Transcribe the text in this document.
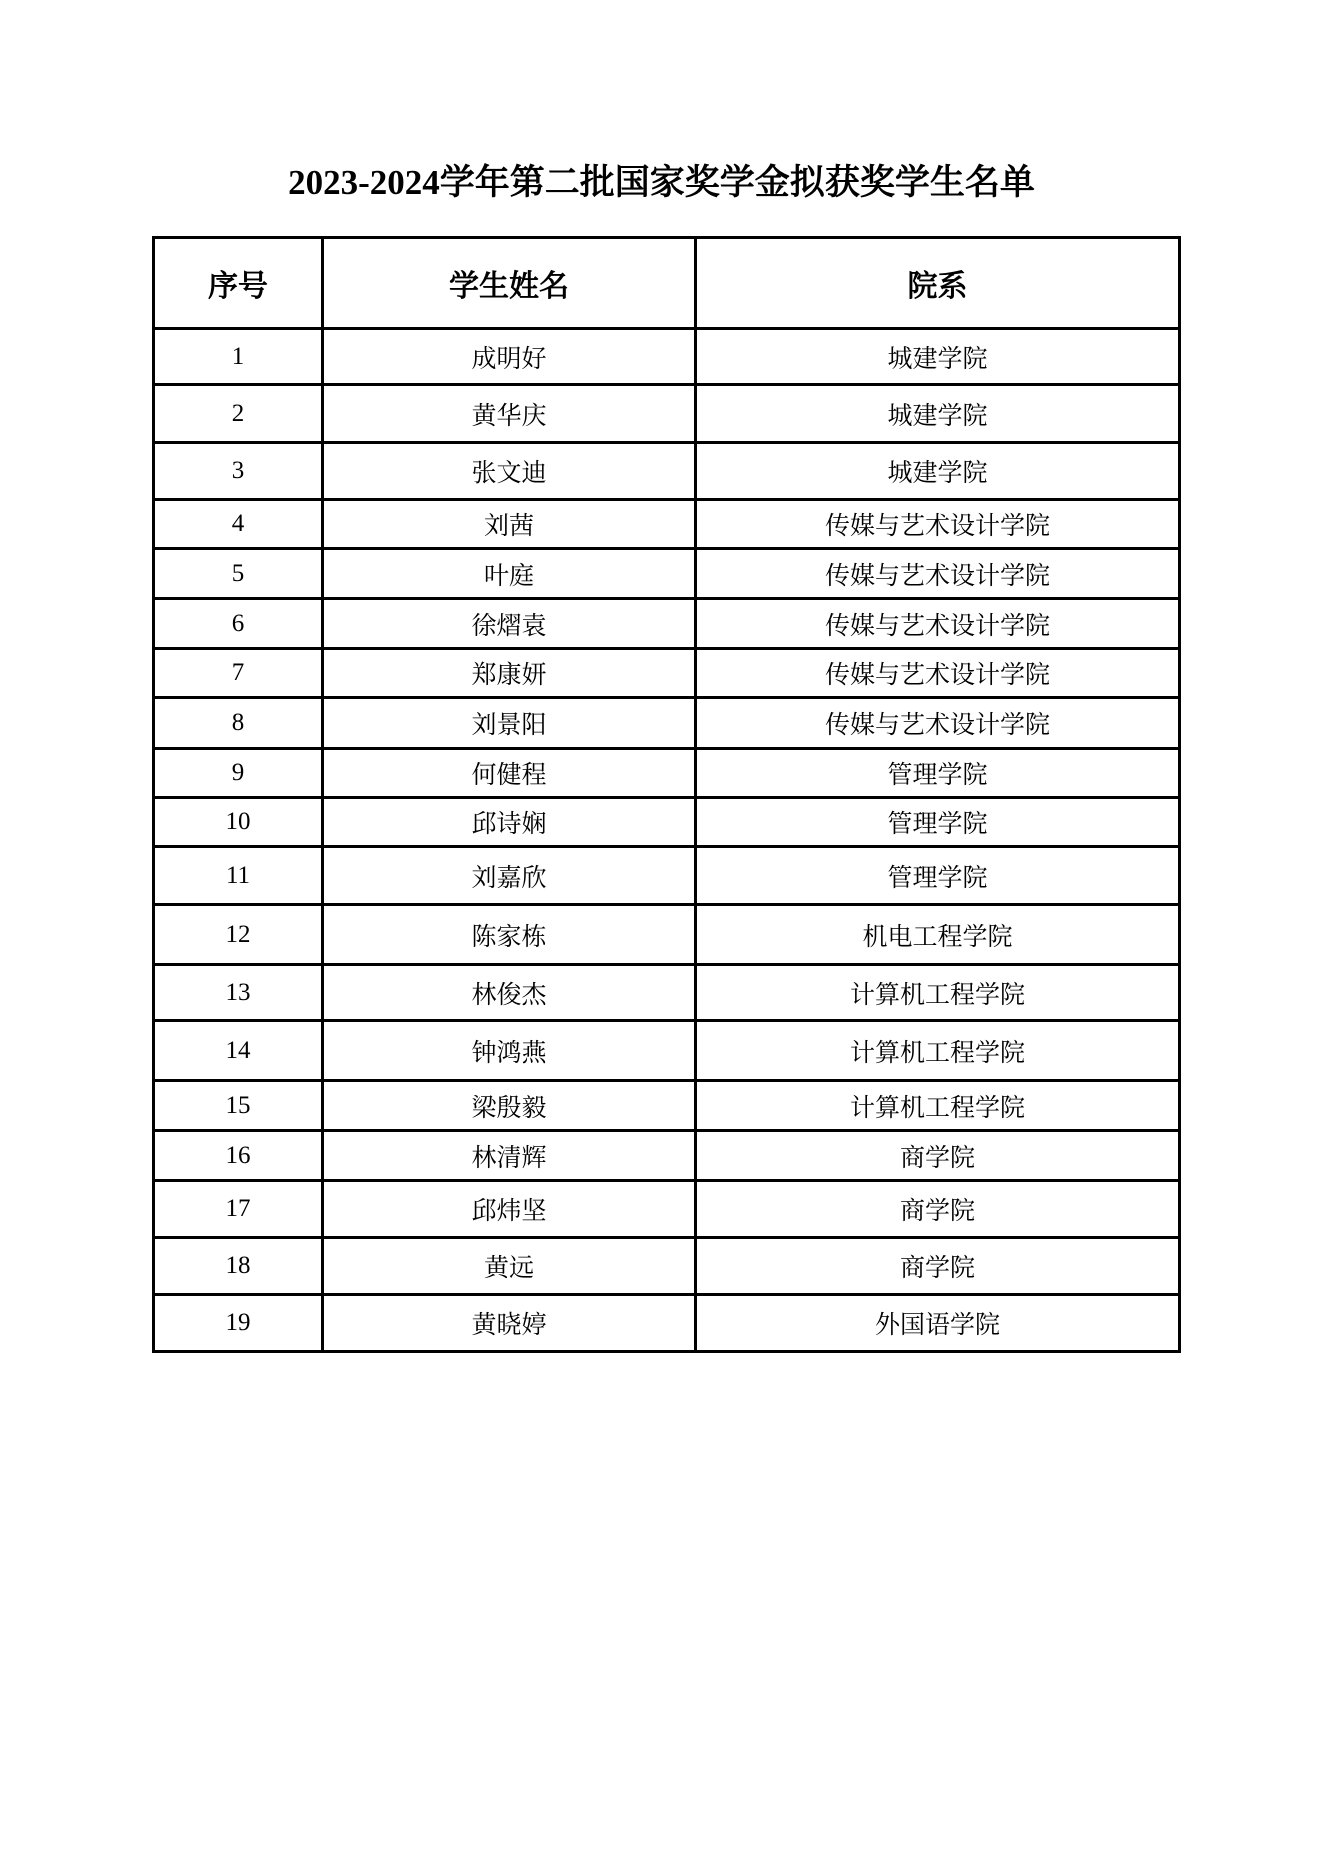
2023-2024学年第二批国家奖学金拟获奖学生名单
序号	学生姓名	院系
1	成明好	城建学院
2	黄华庆	城建学院
3	张文迪	城建学院
4	刘茜	传媒与艺术设计学院
5	叶庭	传媒与艺术设计学院
6	徐熠袁	传媒与艺术设计学院
7	郑康妍	传媒与艺术设计学院
8	刘景阳	传媒与艺术设计学院
9	何健程	管理学院
10	邱诗娴	管理学院
11	刘嘉欣	管理学院
12	陈家栋	机电工程学院
13	林俊杰	计算机工程学院
14	钟鸿燕	计算机工程学院
15	梁殷毅	计算机工程学院
16	林清辉	商学院
17	邱炜坚	商学院
18	黄远	商学院
19	黄晓婷	外国语学院
